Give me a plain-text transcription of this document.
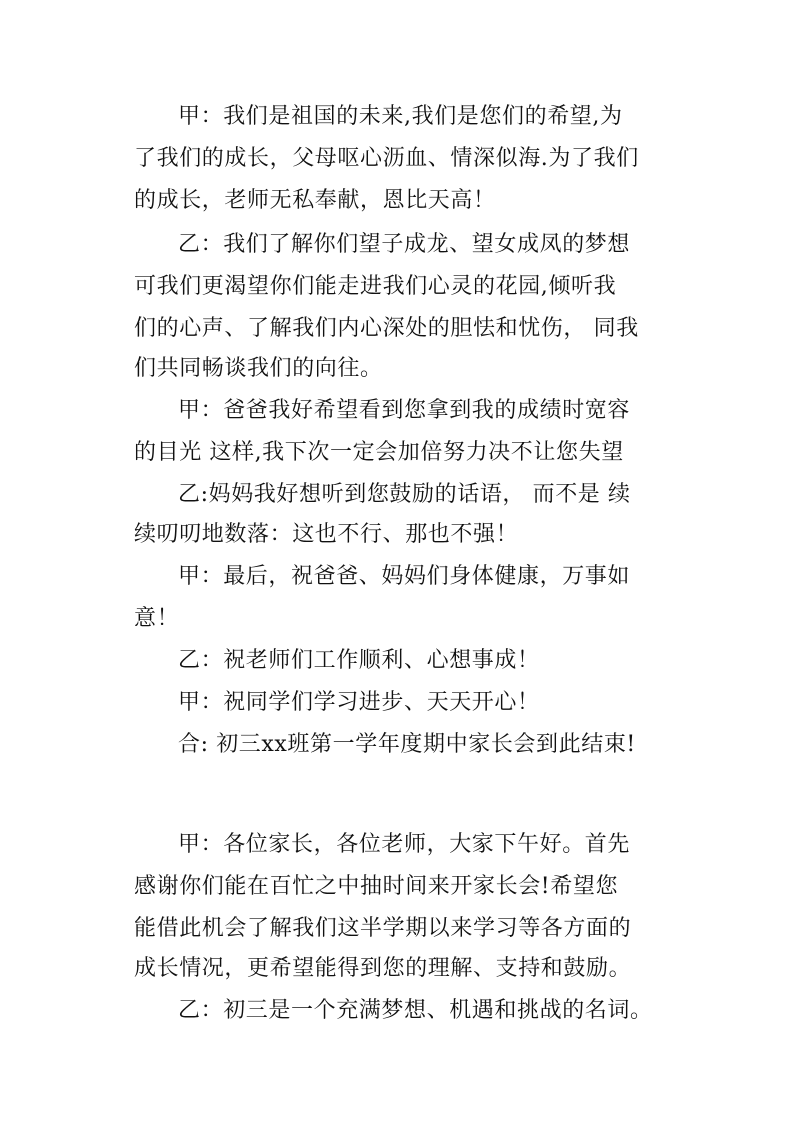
甲：我们是祖国的未来,我们是您们的希望,为
了我们的成长，父母呕心沥血、情深似海.为了我们
的成长，老师无私奉献，恩比天高！
乙：我们了解你们望子成龙、望女成凤的梦想
可我们更渴望你们能走进我们心灵的花园,倾听我
们的心声、了解我们内心深处的胆怯和忧伤， 同我
们共同畅谈我们的向往。
甲：爸爸我好希望看到您拿到我的成绩时宽容
的目光 这样,我下次一定会加倍努力决不让您失望
乙:妈妈我好想听到您鼓励的话语， 而不是 续
续叨叨地数落：这也不行、那也不强！
甲：最后，祝爸爸、妈妈们身体健康，万事如
意！
乙：祝老师们工作顺利、心想事成！
甲：祝同学们学习进步、天天开心！
合: 初三xx班第一学年度期中家长会到此结束!
甲：各位家长，各位老师，大家下午好。首先
感谢你们能在百忙之中抽时间来开家长会!希望您
能借此机会了解我们这半学期以来学习等各方面的
成长情况，更希望能得到您的理解、支持和鼓励。
乙：初三是一个充满梦想、机遇和挑战的名词。
